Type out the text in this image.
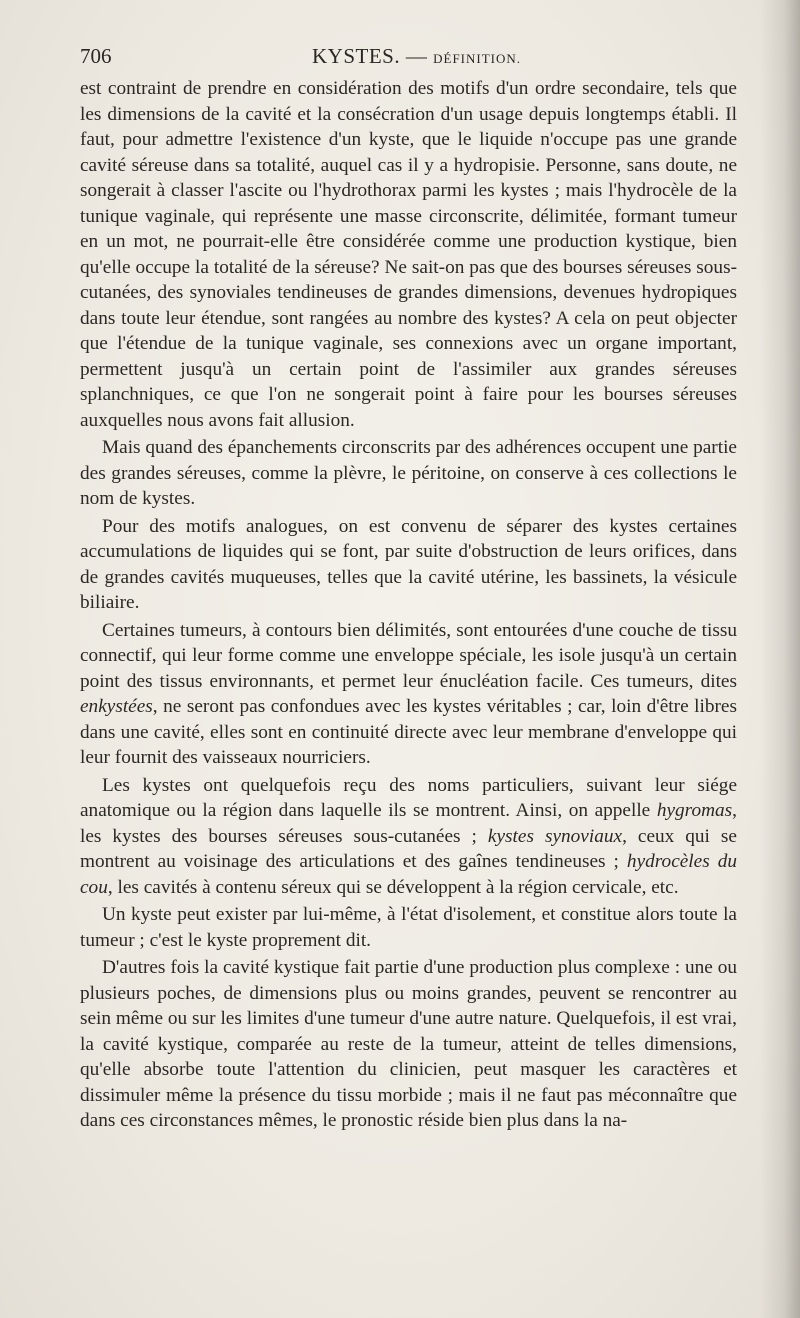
706	KYSTES. — DÉFINITION.

est contraint de prendre en considération des motifs d'un ordre secondaire, tels que les dimensions de la cavité et la consécration d'un usage depuis longtemps établi. Il faut, pour admettre l'existence d'un kyste, que le liquide n'occupe pas une grande cavité séreuse dans sa totalité, auquel cas il y a hydropisie. Personne, sans doute, ne songerait à classer l'ascite ou l'hydrothorax parmi les kystes ; mais l'hydrocèle de la tunique vaginale, qui représente une masse circonscrite, délimitée, formant tumeur en un mot, ne pourrait-elle être considérée comme une production kystique, bien qu'elle occupe la totalité de la séreuse? Ne sait-on pas que des bourses séreuses sous-cutanées, des synoviales tendineuses de grandes dimensions, devenues hydropiques dans toute leur étendue, sont rangées au nombre des kystes? A cela on peut objecter que l'étendue de la tunique vaginale, ses connexions avec un organe important, permettent jusqu'à un certain point de l'assimiler aux grandes séreuses splanchniques, ce que l'on ne songerait point à faire pour les bourses séreuses auxquelles nous avons fait allusion.

Mais quand des épanchements circonscrits par des adhérences occupent une partie des grandes séreuses, comme la plèvre, le péritoine, on conserve à ces collections le nom de kystes.

Pour des motifs analogues, on est convenu de séparer des kystes certaines accumulations de liquides qui se font, par suite d'obstruction de leurs orifices, dans de grandes cavités muqueuses, telles que la cavité utérine, les bassinets, la vésicule biliaire.

Certaines tumeurs, à contours bien délimités, sont entourées d'une couche de tissu connectif, qui leur forme comme une enveloppe spéciale, les isole jusqu'à un certain point des tissus environnants, et permet leur énucléation facile. Ces tumeurs, dites enkystées, ne seront pas confondues avec les kystes véritables ; car, loin d'être libres dans une cavité, elles sont en continuité directe avec leur membrane d'enveloppe qui leur fournit des vaisseaux nourriciers.

Les kystes ont quelquefois reçu des noms particuliers, suivant leur siége anatomique ou la région dans laquelle ils se montrent. Ainsi, on appelle hygromas, les kystes des bourses séreuses sous-cutanées ; kystes synoviaux, ceux qui se montrent au voisinage des articulations et des gaînes tendineuses ; hydrocèles du cou, les cavités à contenu séreux qui se développent à la région cervicale, etc.

Un kyste peut exister par lui-même, à l'état d'isolement, et constitue alors toute la tumeur ; c'est le kyste proprement dit.

D'autres fois la cavité kystique fait partie d'une production plus complexe : une ou plusieurs poches, de dimensions plus ou moins grandes, peuvent se rencontrer au sein même ou sur les limites d'une tumeur d'une autre nature. Quelquefois, il est vrai, la cavité kystique, comparée au reste de la tumeur, atteint de telles dimensions, qu'elle absorbe toute l'attention du clinicien, peut masquer les caractères et dissimuler même la présence du tissu morbide ; mais il ne faut pas méconnaître que dans ces circonstances mêmes, le pronostic réside bien plus dans la na-
